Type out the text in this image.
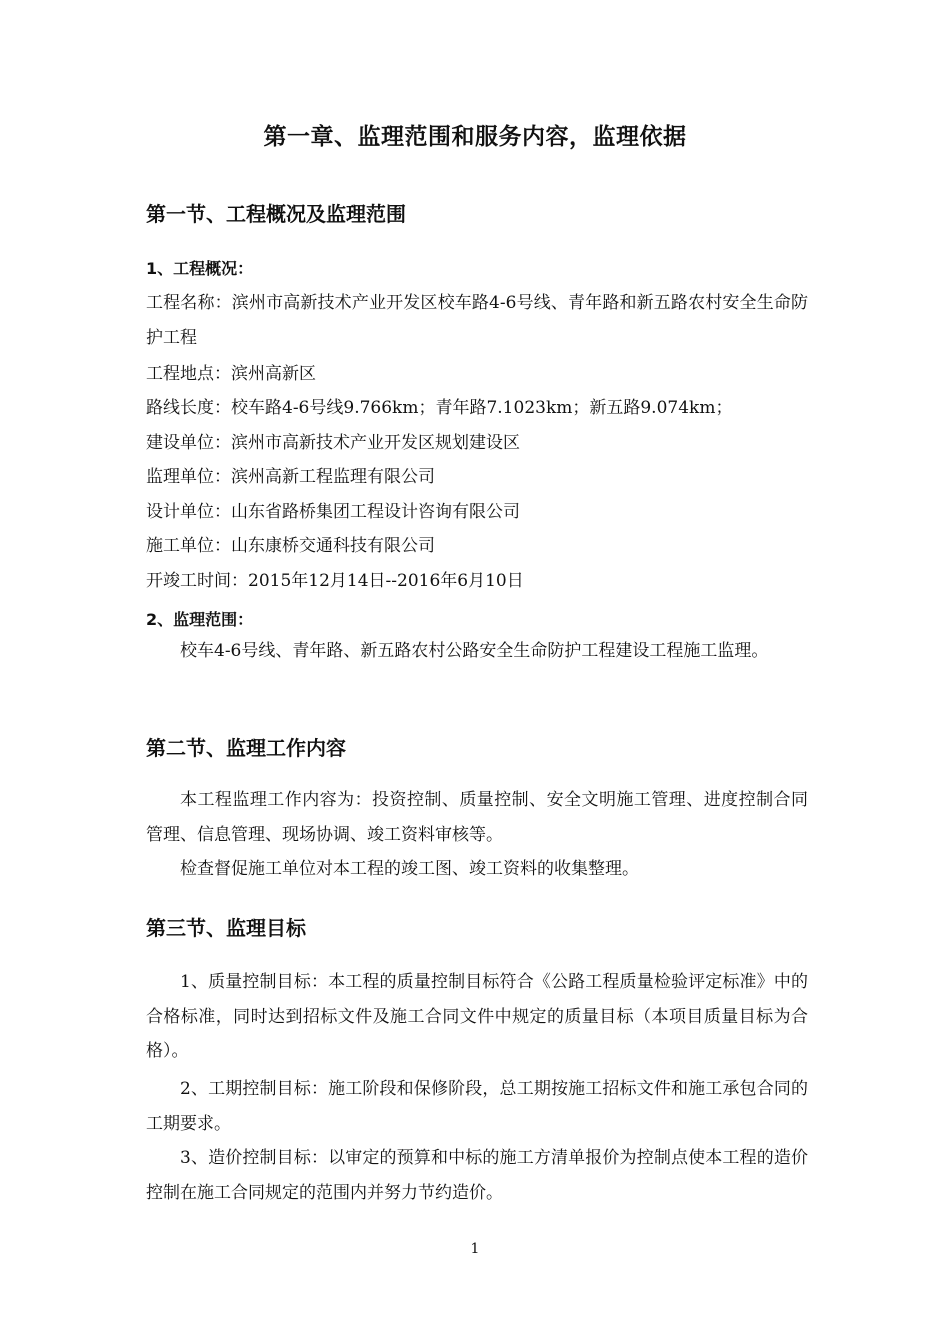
第一章、监理范围和服务内容，监理依据
第一节、工程概况及监理范围
1、工程概况：
工程名称：滨州市高新技术产业开发区校车路4-6号线、青年路和新五路农村安全生命防护工程
工程地点：滨州高新区
路线长度：校车路4-6号线9.766km；青年路7.1023km；新五路9.074km；
建设单位：滨州市高新技术产业开发区规划建设区
监理单位：滨州高新工程监理有限公司
设计单位：山东省路桥集团工程设计咨询有限公司
施工单位：山东康桥交通科技有限公司
开竣工时间：2015年12月14日--2016年6月10日
2、监理范围：
校车4-6号线、青年路、新五路农村公路安全生命防护工程建设工程施工监理。
第二节、监理工作内容
本工程监理工作内容为：投资控制、质量控制、安全文明施工管理、进度控制合同管理、信息管理、现场协调、竣工资料审核等。
检查督促施工单位对本工程的竣工图、竣工资料的收集整理。
第三节、监理目标
1、质量控制目标：本工程的质量控制目标符合《公路工程质量检验评定标准》中的合格标准，同时达到招标文件及施工合同文件中规定的质量目标（本项目质量目标为合格）。
2、工期控制目标：施工阶段和保修阶段，总工期按施工招标文件和施工承包合同的工期要求。
3、造价控制目标：以审定的预算和中标的施工方清单报价为控制点使本工程的造价控制在施工合同规定的范围内并努力节约造价。
1
